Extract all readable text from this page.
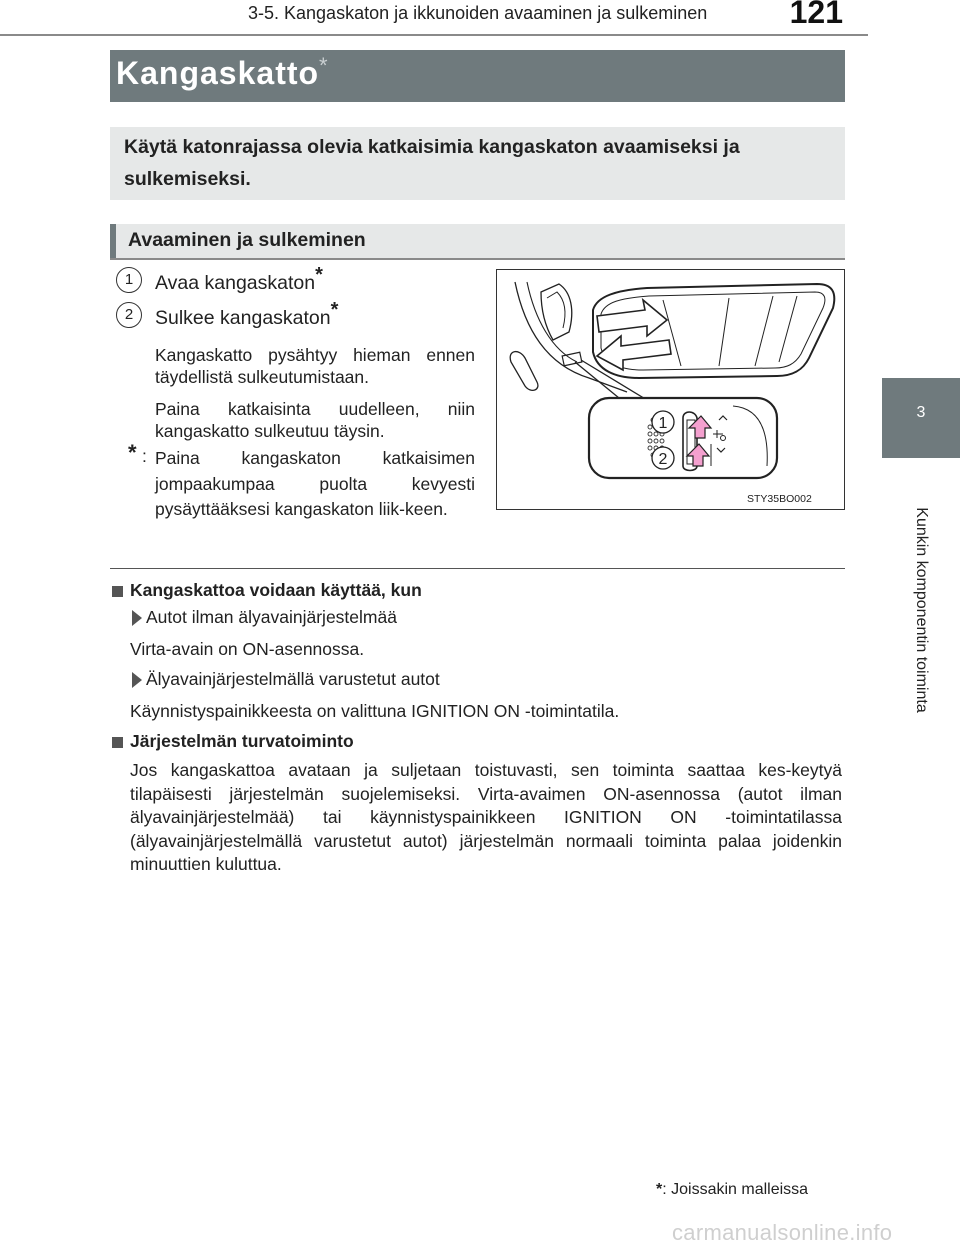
3-5. Kangaskaton ja ikkunoiden avaaminen ja sulkeminen	121
3
Kunkin komponentin toiminta
Kangaskatto*
Käytä katonrajassa olevia katkaisimia kangaskaton avaamiseksi ja sulkemiseksi.
Avaaminen ja sulkeminen
1	Avaa kangaskaton*
2	Sulkee kangaskaton*
Kangaskatto pysähtyy hieman ennen täydellistä sulkeutumistaan.
Paina katkaisinta uudelleen, niin kangaskatto sulkeutuu täysin.
* : Paina kangaskaton katkaisimen jompaakumpaa puolta kevyesti pysäyttääksesi kangaskaton liik-keen.
1
2
STY35BO002
Kangaskattoa voidaan käyttää, kun
Autot ilman älyavainjärjestelmää
Virta-avain on ON-asennossa.
Älyavainjärjestelmällä varustetut autot
Käynnistyspainikkeesta on valittuna IGNITION ON -toimintatila.
Järjestelmän turvatoiminto
Jos kangaskattoa avataan ja suljetaan toistuvasti, sen toiminta saattaa kes-keytyä tilapäisesti järjestelmän suojelemiseksi. Virta-avaimen ON-asennossa (autot ilman älyavainjärjestelmää) tai käynnistyspainikkeen IGNITION ON -toimintatilassa (älyavainjärjestelmällä varustetut autot) järjestelmän normaali toiminta palaa joidenkin minuuttien kuluttua.
*: Joissakin malleissa
carmanualsonline.info
